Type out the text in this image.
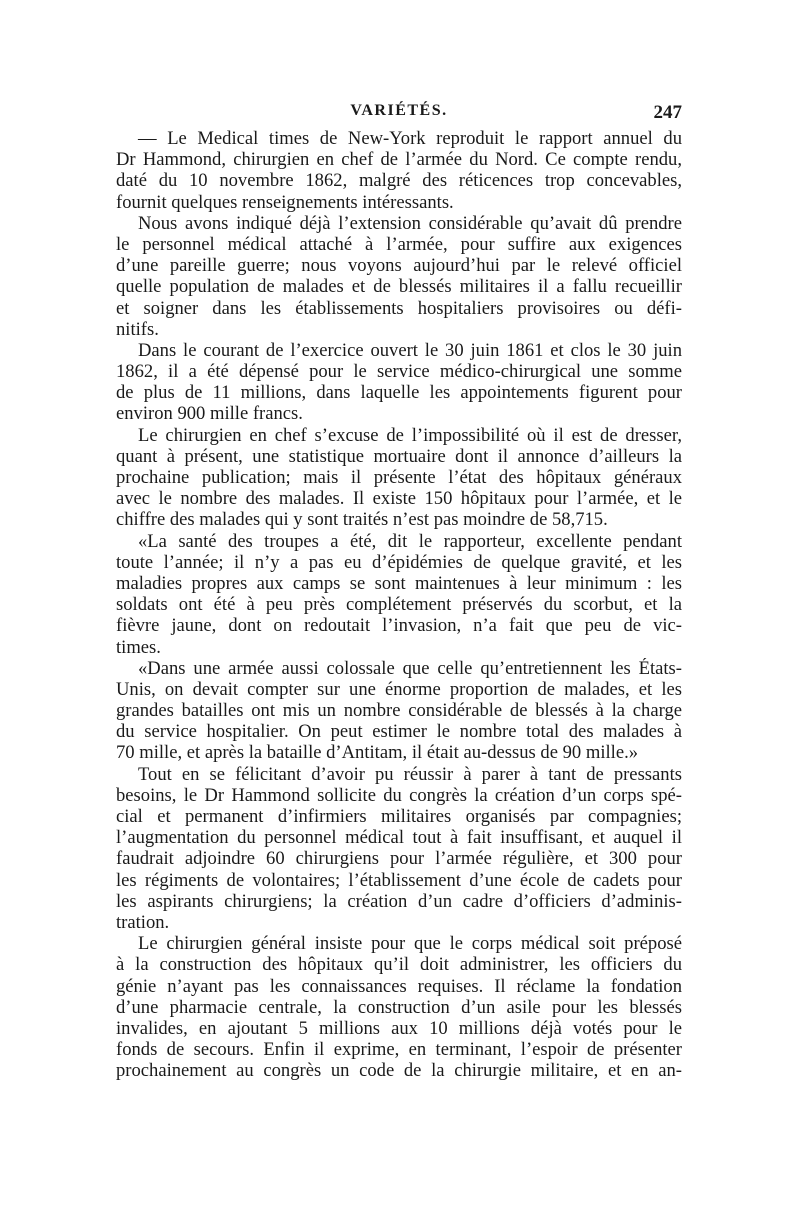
VARIÉTÉS.	247
— Le Medical times de New-York reproduit le rapport annuel du
Dr Hammond, chirurgien en chef de l’armée du Nord. Ce compte rendu,
daté du 10 novembre 1862, malgré des réticences trop concevables,
fournit quelques renseignements intéressants.
Nous avons indiqué déjà l’extension considérable qu’avait dû prendre
le personnel médical attaché à l’armée, pour suffire aux exigences
d’une pareille guerre; nous voyons aujourd’hui par le relevé officiel
quelle population de malades et de blessés militaires il a fallu recueillir
et soigner dans les établissements hospitaliers provisoires ou défi-
nitifs.
Dans le courant de l’exercice ouvert le 30 juin 1861 et clos le 30 juin
1862, il a été dépensé pour le service médico-chirurgical une somme
de plus de 11 millions, dans laquelle les appointements figurent pour
environ 900 mille francs.
Le chirurgien en chef s’excuse de l’impossibilité où il est de dresser,
quant à présent, une statistique mortuaire dont il annonce d’ailleurs la
prochaine publication; mais il présente l’état des hôpitaux généraux
avec le nombre des malades. Il existe 150 hôpitaux pour l’armée, et le
chiffre des malades qui y sont traités n’est pas moindre de 58,715.
«La santé des troupes a été, dit le rapporteur, excellente pendant
toute l’année; il n’y a pas eu d’épidémies de quelque gravité, et les
maladies propres aux camps se sont maintenues à leur minimum : les
soldats ont été à peu près complétement préservés du scorbut, et la
fièvre jaune, dont on redoutait l’invasion, n’a fait que peu de vic-
times.
«Dans une armée aussi colossale que celle qu’entretiennent les États-
Unis, on devait compter sur une énorme proportion de malades, et les
grandes batailles ont mis un nombre considérable de blessés à la charge
du service hospitalier. On peut estimer le nombre total des malades à
70 mille, et après la bataille d’Antitam, il était au-dessus de 90 mille.»
Tout en se félicitant d’avoir pu réussir à parer à tant de pressants
besoins, le Dr Hammond sollicite du congrès la création d’un corps spé-
cial et permanent d’infirmiers militaires organisés par compagnies;
l’augmentation du personnel médical tout à fait insuffisant, et auquel il
faudrait adjoindre 60 chirurgiens pour l’armée régulière, et 300 pour
les régiments de volontaires; l’établissement d’une école de cadets pour
les aspirants chirurgiens; la création d’un cadre d’officiers d’adminis-
tration.
Le chirurgien général insiste pour que le corps médical soit préposé
à la construction des hôpitaux qu’il doit administrer, les officiers du
génie n’ayant pas les connaissances requises. Il réclame la fondation
d’une pharmacie centrale, la construction d’un asile pour les blessés
invalides, en ajoutant 5 millions aux 10 millions déjà votés pour le
fonds de secours. Enfin il exprime, en terminant, l’espoir de présenter
prochainement au congrès un code de la chirurgie militaire, et en an-
